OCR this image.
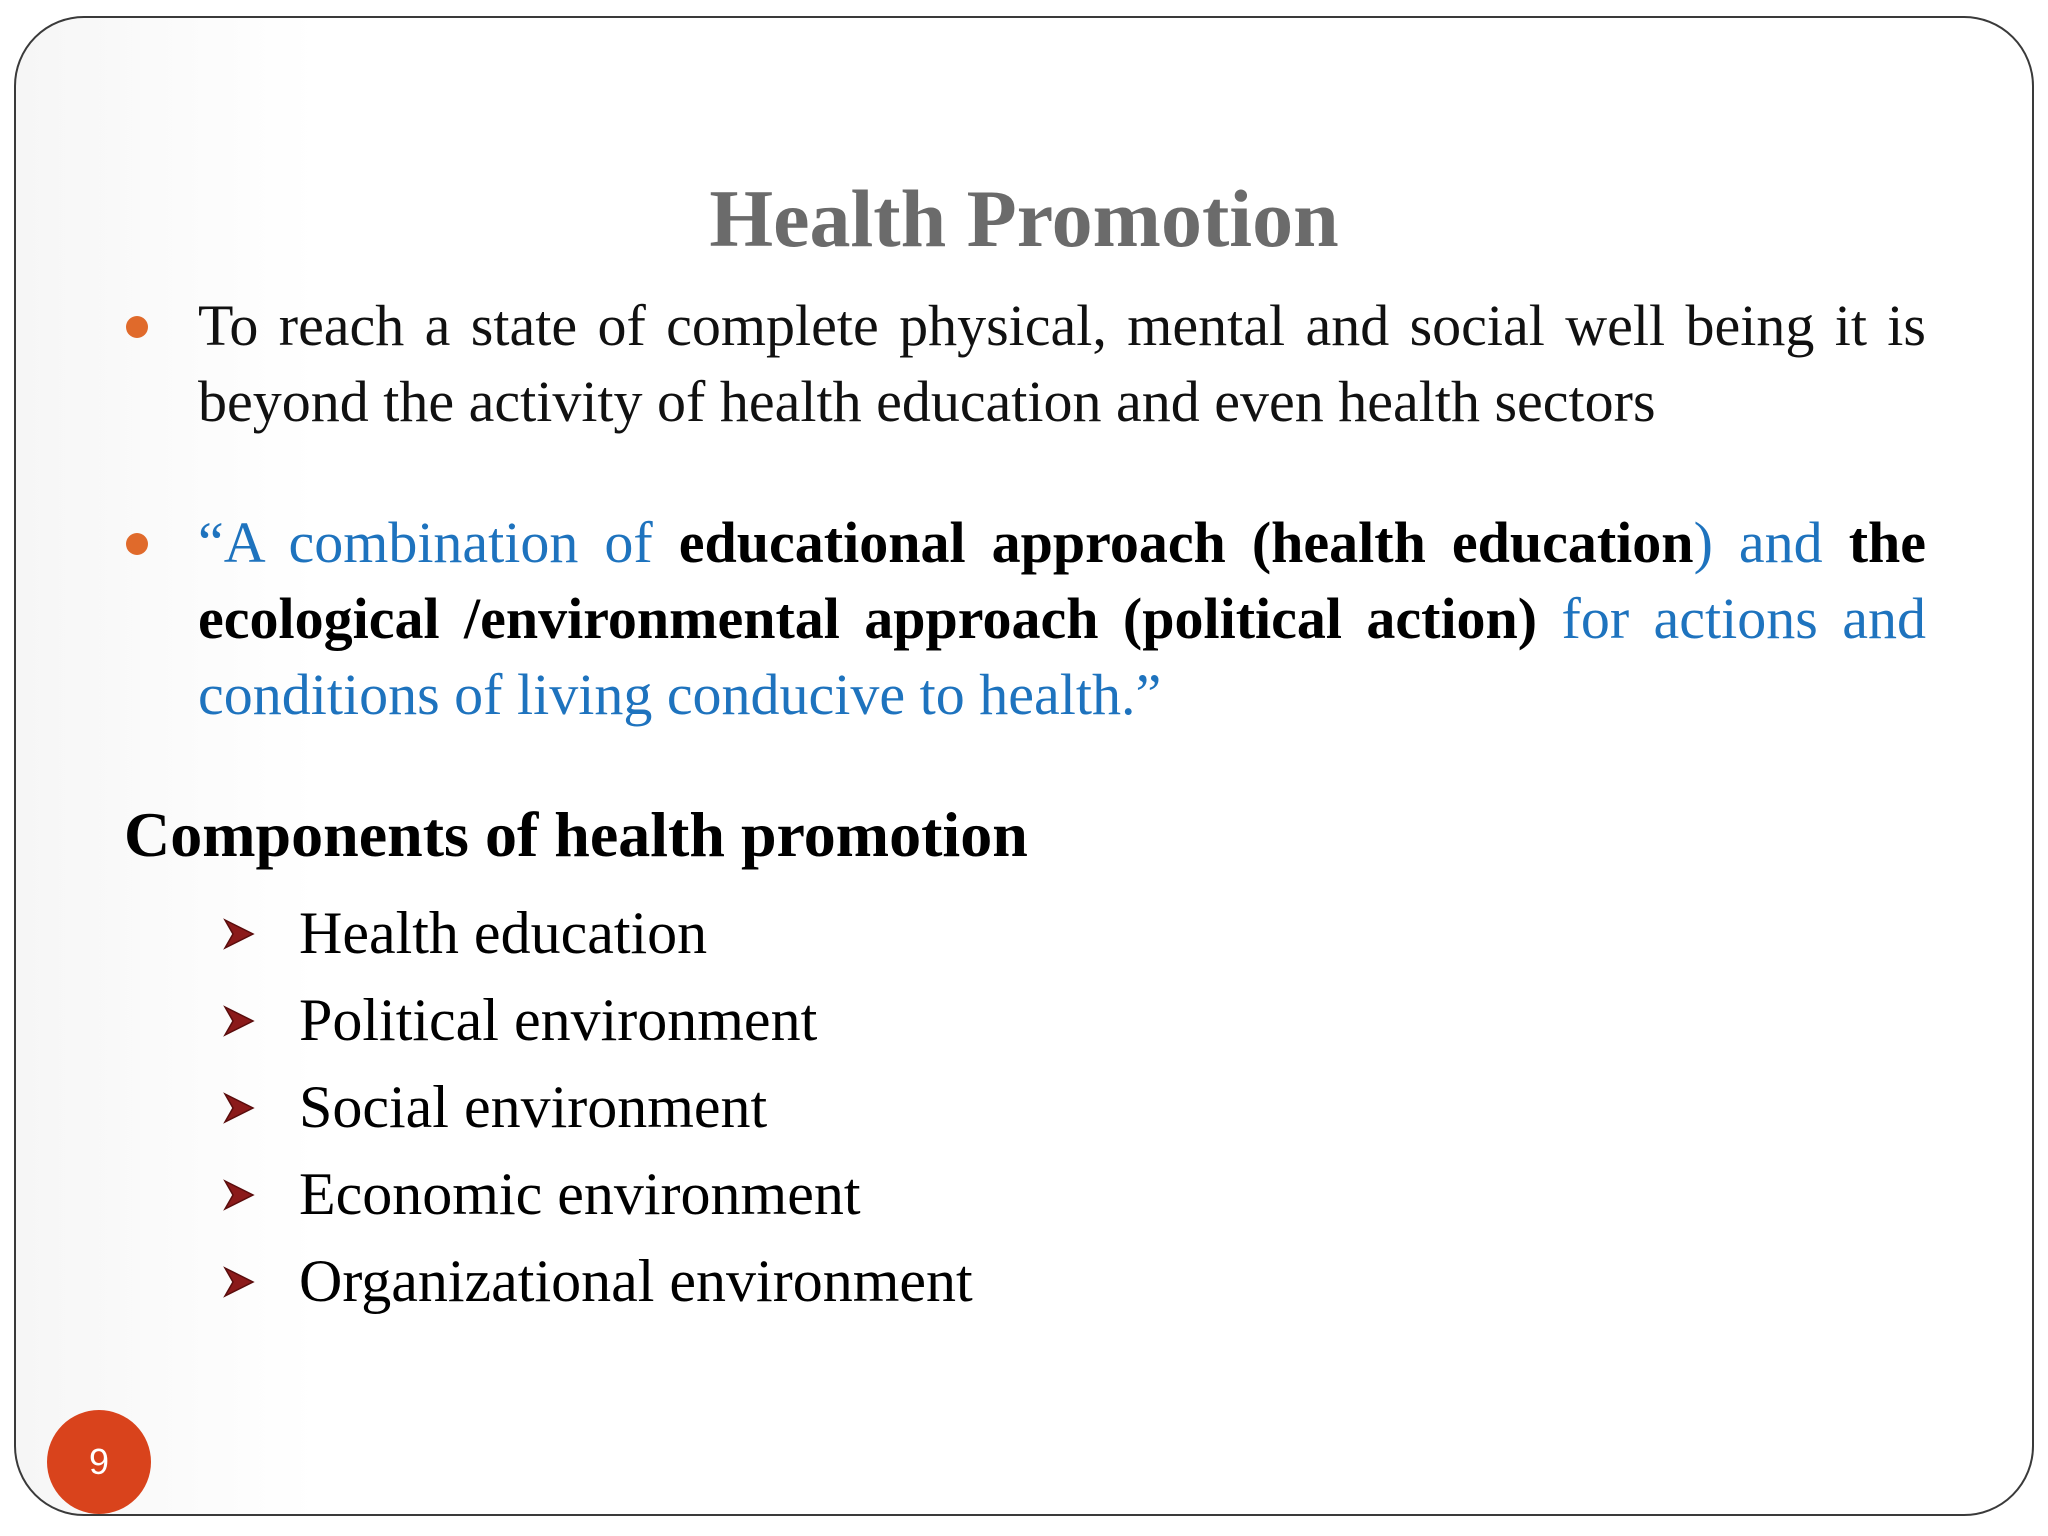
Health Promotion
To reach a state of complete physical, mental and social well being it is beyond the activity of health education and even health sectors
“A combination of educational approach (health education) and the ecological /environmental approach (political action) for actions and conditions of living conducive to health.”
Components of health promotion
Health education
Political environment
Social environment
Economic environment
Organizational environment
9
